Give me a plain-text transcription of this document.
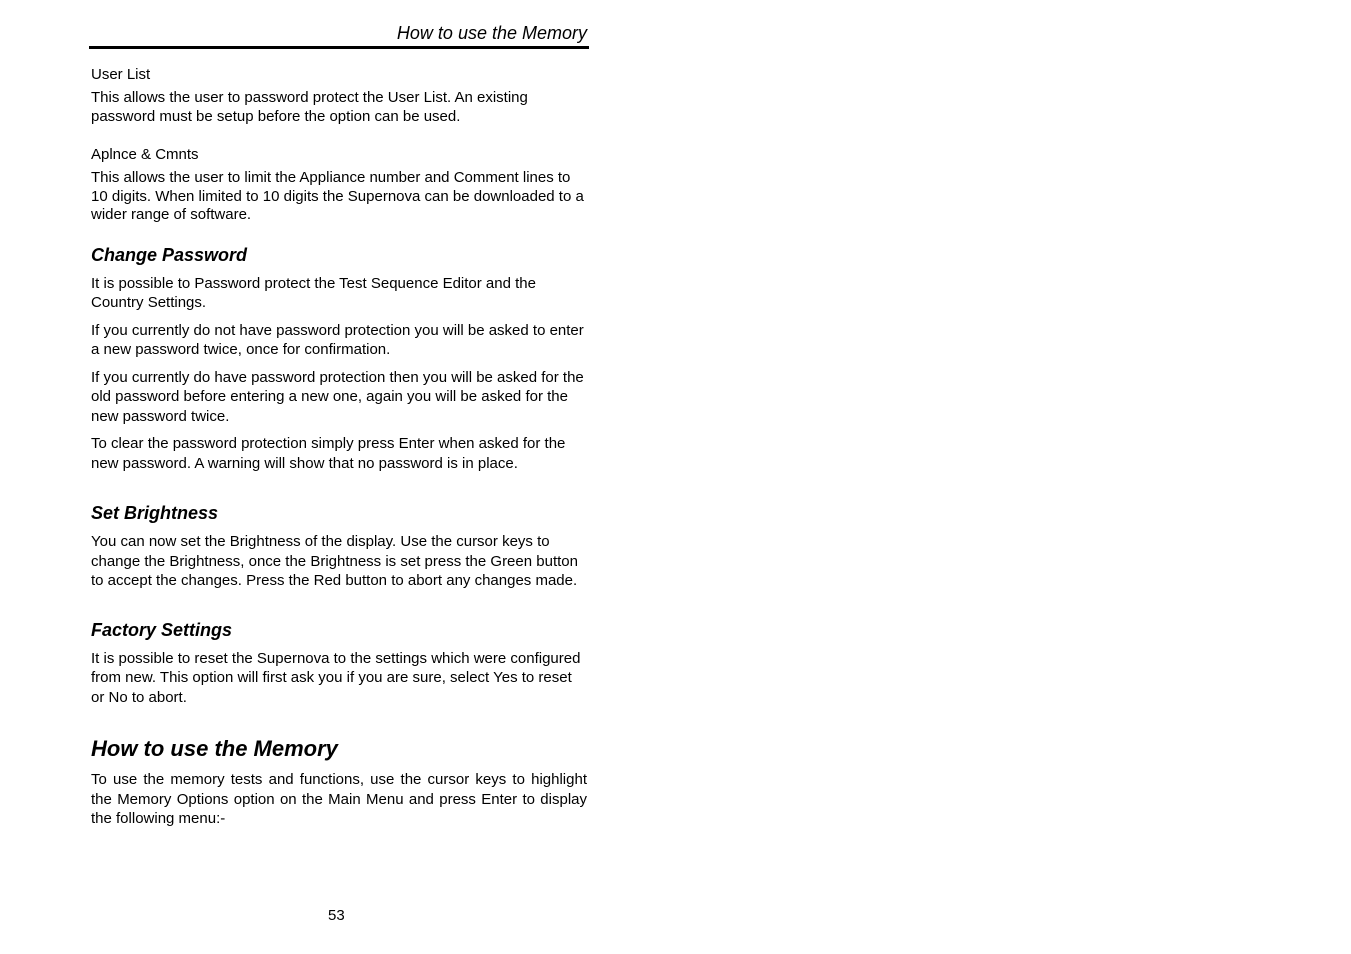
How to use the Memory

User List

This allows the user to password protect the User List. An existing password must be setup before the option can be used.

Aplnce & Cmnts

This allows the user to limit the Appliance number and Comment lines to 10 digits. When limited to 10 digits the Supernova can be downloaded to a wider range of software.

Change Password

It is possible to Password protect the Test Sequence Editor and the Country Settings.

If you currently do not have password protection you will be asked to enter a new password twice, once for confirmation.

If you currently do have password protection then you will be asked for the old password before entering a new one, again you will be asked for the new password twice.

To clear the password protection simply press Enter when asked for the new password. A warning will show that no password is in place.

Set Brightness

You can now set the Brightness of the display. Use the cursor keys to change the Brightness, once the Brightness is set press the Green button to accept the changes. Press the Red button to abort any changes made.

Factory Settings

It is possible to reset the Supernova to the settings which were configured from new. This option will first ask you if you are sure, select Yes to reset or No to abort.

How to use the Memory

To use the memory tests and functions, use the cursor keys to highlight the Memory Options option on the Main Menu and press Enter to display the following menu:-

53
